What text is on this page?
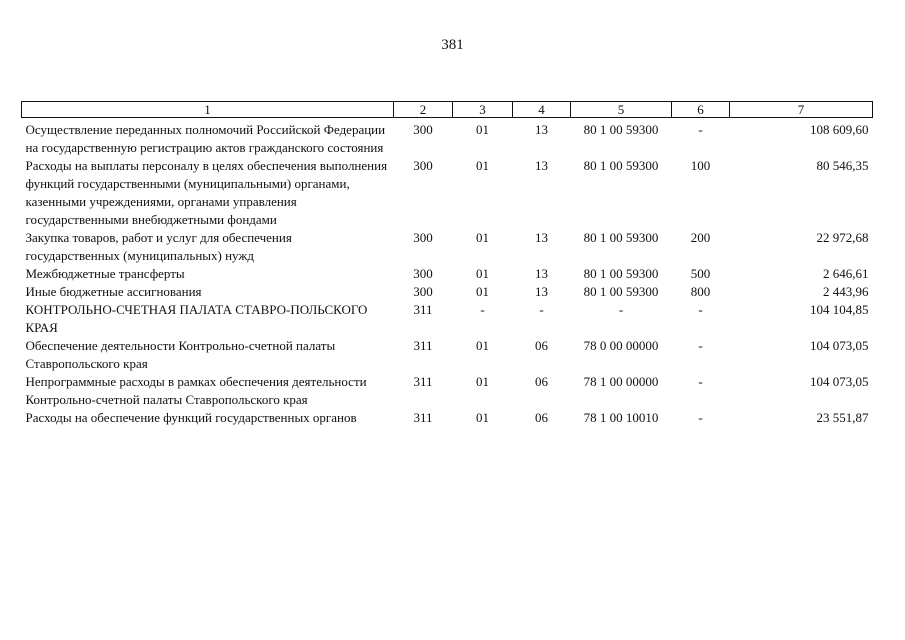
381
1	2	3	4	5	6	7
Осуществление переданных полномочий Российской Федерации на государственную регистрацию актов гражданского состояния	300	01	13	80 1 00 59300	-	108 609,60
Расходы на выплаты персоналу в целях обеспечения выполнения функций государственными (муниципальными) органами, казенными учреждениями, органами управления государственными внебюджетными фондами	300	01	13	80 1 00 59300	100	80 546,35
Закупка товаров, работ и услуг для обеспечения государственных (муниципальных) нужд	300	01	13	80 1 00 59300	200	22 972,68
Межбюджетные трансферты	300	01	13	80 1 00 59300	500	2 646,61
Иные бюджетные ассигнования	300	01	13	80 1 00 59300	800	2 443,96
КОНТРОЛЬНО-СЧЕТНАЯ ПАЛАТА СТАВРО-ПОЛЬСКОГО КРАЯ	311	-	-	-	-	104 104,85
Обеспечение деятельности Контрольно-счетной палаты Ставропольского края	311	01	06	78 0 00 00000	-	104 073,05
Непрограммные расходы в рамках обеспечения деятельности Контрольно-счетной палаты Ставропольского края	311	01	06	78 1 00 00000	-	104 073,05
Расходы на обеспечение функций государственных органов	311	01	06	78 1 00 10010	-	23 551,87
